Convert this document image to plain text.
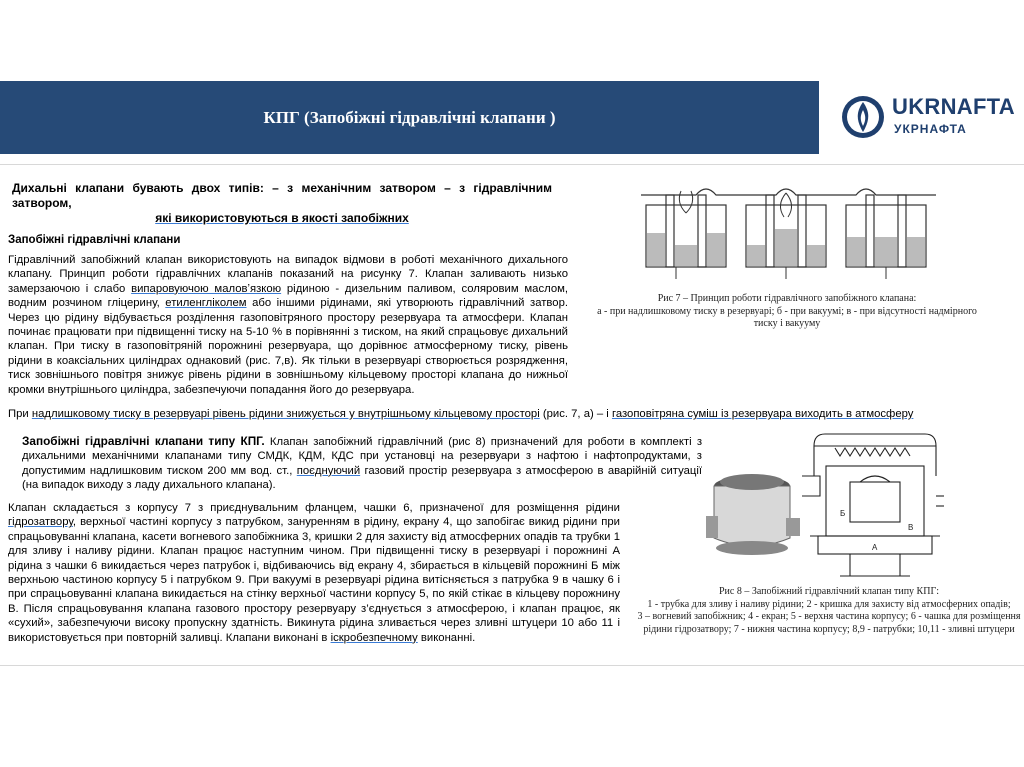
КПГ (Запобіжні гідравлічні клапани )	UKRNAFTA
УКРНАФТА
Дихальні клапани бувають двох типів: – з механічним затвором – з гідравлічним затвором,
які використовуються в якості запобіжних
Запобіжні гідравлічні клапани
Гідравлічний запобіжний клапан використовують на випадок відмови в роботі механічного дихального клапану. Принцип роботи гідравлічних клапанів показаний на рисунку 7. Клапан заливають низько замерзаючою і слабо випаровуючою маловʼязкою рідиною - дизельним паливом, соляровим маслом, водним розчином гліцерину, етиленгліколем або іншими рідинами, які утворюють гідравлічний затвор. Через цю рідину відбувається розділення газоповітряного простору резервуара та атмосфери. Клапан починає працювати при підвищенні тиску на 5-10 % в порівнянні з тиском, на який спрацьовує дихальний клапан. При тиску в газоповітряній порожнині резервуара, що дорівнює атмосферному тиску, рівень рідини в коаксіальних циліндрах однаковий (рис. 7,в). Як тільки в резервуарі створюється розрядження, тиск зовнішнього повітря знижує рівень рідини в зовнішньому кільцевому просторі клапана до нижньої кромки внутрішнього циліндра, забезпечуючи попадання його до резервуара.
При надлишковому тиску в резервуарі рівень рідини знижується у внутрішньому кільцевому просторі (рис. 7, а) – і газоповітряна суміш із резервуара виходить в атмосферу
Запобіжні гідравлічні клапани типу КПГ. Клапан запобіжний гідравлічний (рис 8) призначений для роботи в комплекті з дихальними механічними клапанами типу СМДК, КДМ, КДС при установці на резервуари з нафтою і нафтопродуктами, з допустимим надлишковим тиском 200 мм вод. ст., поєднуючий газовий простір резервуара з атмосферою в аварійній ситуації (на випадок виходу з ладу дихального клапана).
Клапан складається з корпусу 7 з приєднувальним фланцем, чашки 6, призначеної для розміщення рідини гідрозатвору, верхньої частині корпусу з патрубком, зануренням в рідину, екрану 4, що запобігає викид рідини при спрацьовуванні клапана, касети вогневого запобіжника 3, кришки 2 для захисту від атмосферних опадів та трубки 1 для зливу і наливу рідини. Клапан працює наступним чином. При підвищенні тиску в резервуарі і порожнині А рідина з чашки 6 викидається через патрубок і, відбиваючись від екрану 4, збирається в кільцевій порожнині Б між верхньою частиною корпусу 5 і патрубком 9. При вакуумі в резервуарі рідина витісняється з патрубка 9 в чашку 6 і при спрацьовуванні клапана викидається на стінку верхньої частини корпусу 5, по якій стікає в кільцеву порожнину В. Після спрацьовування клапана газового простору резервуару з’єднується з атмосферою, і клапан працює, як «сухий», забезпечуючи високу пропускну здатність. Викинута рідина зливається через зливні штуцери 10 або 11 і використовується при повторній заливці. Клапани виконані в іскробезпечному виконанні.
Рис 7 – Принцип роботи гідравлічного запобіжного клапана:
а - при надлишковому тиску в резервуарі; б - при вакуумі; в - при відсутності надмірного
тиску і вакууму
А
Б
В
Рис 8 – Запобіжний гідравлічний клапан типу КПГ:
1 - трубка для зливу і наливу рідини; 2 - кришка для захисту від атмосферних опадів;
3 – вогневий запобіжник; 4 - екран; 5 - верхня частина корпусу; 6 - чашка для розміщення
рідини гідрозатвору; 7 - нижня частина корпусу; 8,9 - патрубки; 10,11 - зливні штуцери
